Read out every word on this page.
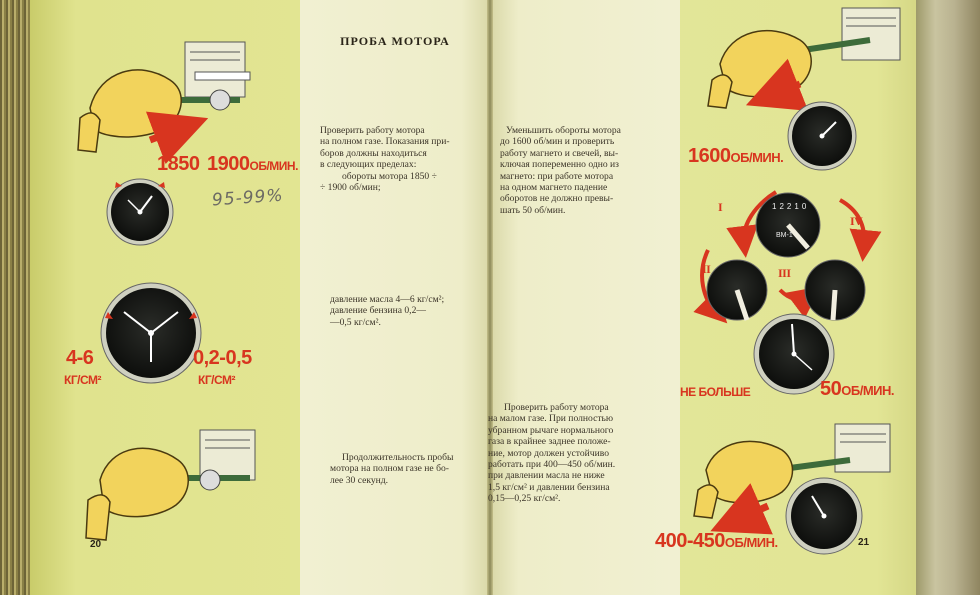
I
II	III
IV
12210
ВМ-1
ПРОБА МОТОРА

Проверить работу мотора

на полном газе. Показания при-

боров должны находиться

в следующих пределах:

обороты мотора 1850 ÷

÷ 1900 об/мин;

давление масла 4—6 кг/см²;

давление бензина 0,2—

—0,5 кг/см².

Продолжительность пробы

мотора на полном газе не бо-

лее 30 секунд.

Уменьшить обороты мотора

до 1600 об/мин и проверить

работу магнето и свечей, вы-

ключая попеременно одно из

магнето: при работе мотора

на одном магнето падение

оборотов не должно превы-

шать 50 об/мин.

Проверить работу мотора

на малом газе. При полностью

убранном рычаге нормального

газа в крайнее заднее положе-

ние, мотор должен устойчиво

работать при 400—450 об/мин.

при давлении масла не ниже

1,5 кг/см² и давлении бензина

0,15—0,25 кг/см².

1850 1900ОБ/МИН.
95-99%
4-6
КГ/СМ²
0,2-0,5
КГ/СМ²
20
1600ОБ/МИН.
НЕ БОЛЬШЕ	50ОБ/МИН.
400-450ОБ/МИН.	21
